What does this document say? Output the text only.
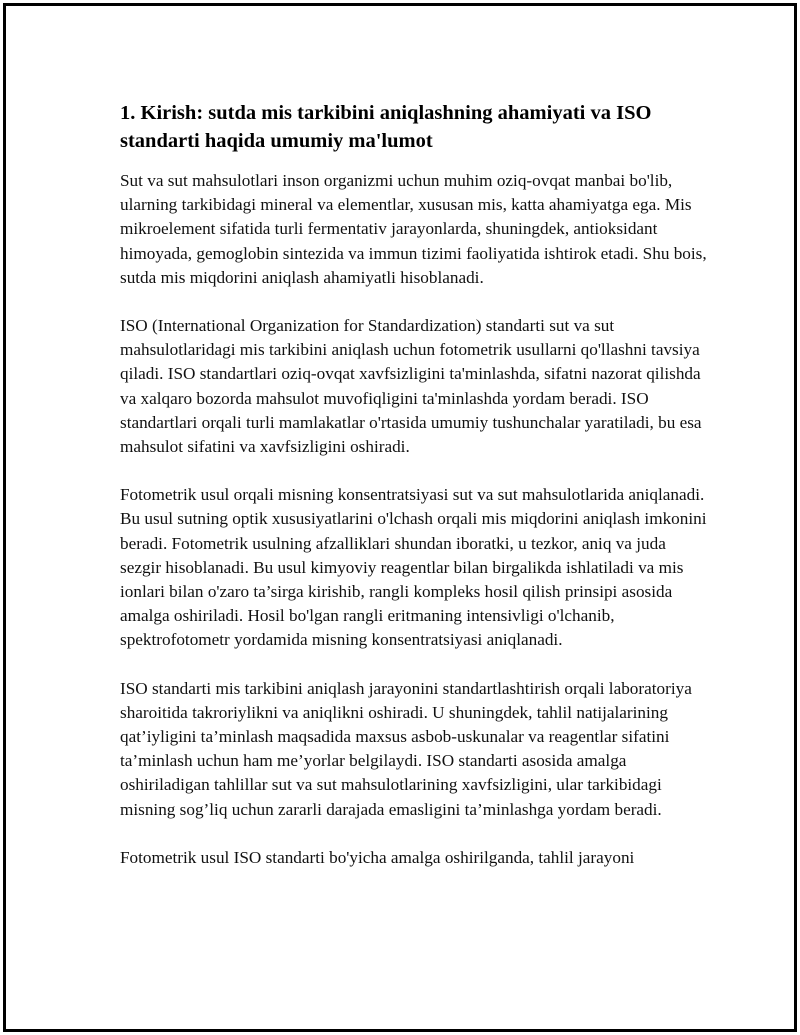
1. Kirish: sutda mis tarkibini aniqlashning ahamiyati va ISO standarti haqida umumiy ma'lumot

Sut va sut mahsulotlari inson organizmi uchun muhim oziq-ovqat manbai bo'lib, ularning tarkibidagi mineral va elementlar, xususan mis, katta ahamiyatga ega. Mis mikroelement sifatida turli fermentativ jarayonlarda, shuningdek, antioksidant himoyada, gemoglobin sintezida va immun tizimi faoliyatida ishtirok etadi. Shu bois, sutda mis miqdorini aniqlash ahamiyatli hisoblanadi.

ISO (International Organization for Standardization) standarti sut va sut mahsulotlaridagi mis tarkibini aniqlash uchun fotometrik usullarni qo'llashni tavsiya qiladi. ISO standartlari oziq-ovqat xavfsizligini ta'minlashda, sifatni nazorat qilishda va xalqaro bozorda mahsulot muvofiqligini ta'minlashda yordam beradi. ISO standartlari orqali turli mamlakatlar o'rtasida umumiy tushunchalar yaratiladi, bu esa mahsulot sifatini va xavfsizligini oshiradi.

Fotometrik usul orqali misning konsentratsiyasi sut va sut mahsulotlarida aniqlanadi. Bu usul sutning optik xususiyatlarini o'lchash orqali mis miqdorini aniqlash imkonini beradi. Fotometrik usulning afzalliklari shundan iboratki, u tezkor, aniq va juda sezgir hisoblanadi. Bu usul kimyoviy reagentlar bilan birgalikda ishlatiladi va mis ionlari bilan o'zaro ta’sirga kirishib, rangli kompleks hosil qilish prinsipi asosida amalga oshiriladi. Hosil bo'lgan rangli eritmaning intensivligi o'lchanib, spektrofotometr yordamida misning konsentratsiyasi aniqlanadi.

ISO standarti mis tarkibini aniqlash jarayonini standartlashtirish orqali laboratoriya sharoitida takroriylikni va aniqlikni oshiradi. U shuningdek, tahlil natijalarining qat’iyligini ta’minlash maqsadida maxsus asbob-uskunalar va reagentlar sifatini ta’minlash uchun ham me’yorlar belgilaydi. ISO standarti asosida amalga oshiriladigan tahlillar sut va sut mahsulotlarining xavfsizligini, ular tarkibidagi misning sog’liq uchun zararli darajada emasligini ta’minlashga yordam beradi.

Fotometrik usul ISO standarti bo'yicha amalga oshirilganda, tahlil jarayoni
